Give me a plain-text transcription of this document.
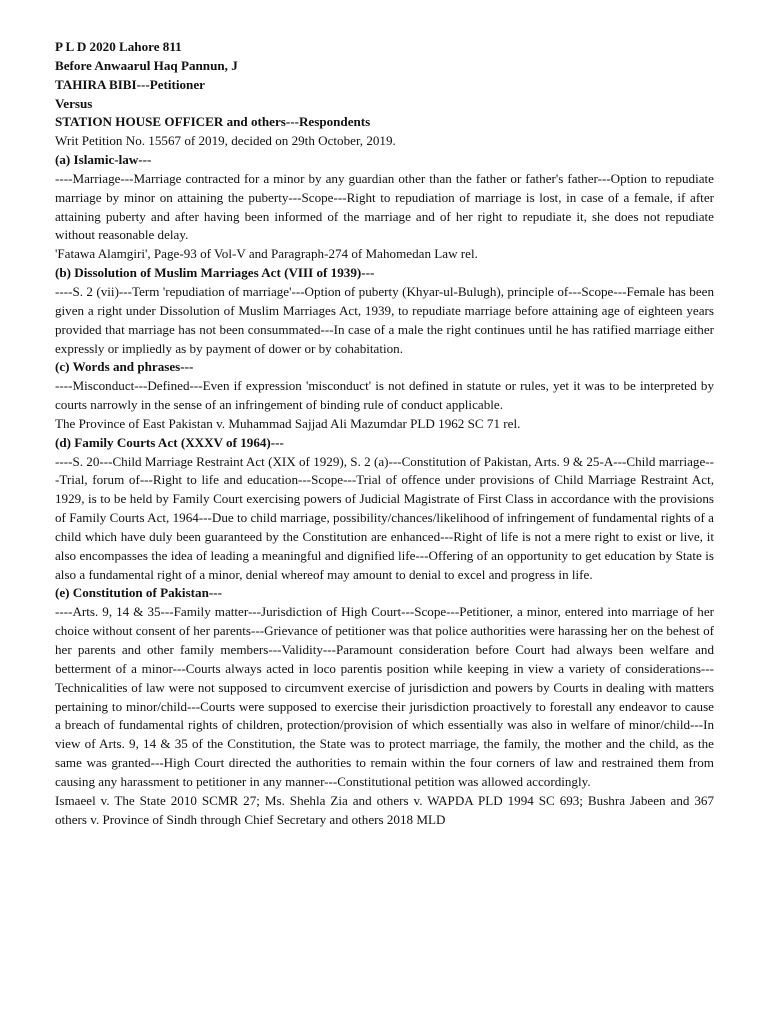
P L D 2020 Lahore 811
Before Anwaarul Haq Pannun, J
TAHIRA BIBI---Petitioner
Versus
STATION HOUSE OFFICER and others---Respondents
Writ Petition No. 15567 of 2019, decided on 29th October, 2019.
(a) Islamic-law---

----Marriage---Marriage contracted for a minor by any guardian other than the father or father's father---Option to repudiate marriage by minor on attaining the puberty---Scope---Right to repudiation of marriage is lost, in case of a female, if after attaining puberty and after having been informed of the marriage and of her right to repudiate it, she does not repudiate without reasonable delay.

'Fatawa Alamgiri', Page-93 of Vol-V and Paragraph-274 of Mahomedan Law rel.
(b) Dissolution of Muslim Marriages Act (VIII of 1939)---

----S. 2 (vii)---Term 'repudiation of marriage'---Option of puberty (Khyar-ul-Bulugh), principle of---Scope---Female has been given a right under Dissolution of Muslim Marriages Act, 1939, to repudiate marriage before attaining age of eighteen years provided that marriage has not been consummated---In case of a male the right continues until he has ratified marriage either expressly or impliedly as by payment of dower or by cohabitation.

(c) Words and phrases---

----Misconduct---Defined---Even if expression 'misconduct' is not defined in statute or rules, yet it was to be interpreted by courts narrowly in the sense of an infringement of binding rule of conduct applicable.

The Province of East Pakistan v. Muhammad Sajjad Ali Mazumdar PLD 1962 SC 71 rel.
(d) Family Courts Act (XXXV of 1964)---

----S. 20---Child Marriage Restraint Act (XIX of 1929), S. 2 (a)---Constitution of Pakistan, Arts. 9 & 25-A---Child marriage---Trial, forum of---Right to life and education---Scope---Trial of offence under provisions of Child Marriage Restraint Act, 1929, is to be held by Family Court exercising powers of Judicial Magistrate of First Class in accordance with the provisions of Family Courts Act, 1964---Due to child marriage, possibility/chances/likelihood of infringement of fundamental rights of a child which have duly been guaranteed by the Constitution are enhanced---Right of life is not a mere right to exist or live, it also encompasses the idea of leading a meaningful and dignified life---Offering of an opportunity to get education by State is also a fundamental right of a minor, denial whereof may amount to denial to excel and progress in life.

(e) Constitution of Pakistan---

----Arts. 9, 14 & 35---Family matter---Jurisdiction of High Court---Scope---Petitioner, a minor, entered into marriage of her choice without consent of her parents---Grievance of petitioner was that police authorities were harassing her on the behest of her parents and other family members---Validity---Paramount consideration before Court had always been welfare and betterment of a minor---Courts always acted in loco parentis position while keeping in view a variety of considerations---Technicalities of law were not supposed to circumvent exercise of jurisdiction and powers by Courts in dealing with matters pertaining to minor/child---Courts were supposed to exercise their jurisdiction proactively to forestall any endeavor to cause a breach of fundamental rights of children, protection/provision of which essentially was also in welfare of minor/child---In view of Arts. 9, 14 & 35 of the Constitution, the State was to protect marriage, the family, the mother and the child, as the same was granted---High Court directed the authorities to remain within the four corners of law and restrained them from causing any harassment to petitioner in any manner---Constitutional petition was allowed accordingly.

Ismaeel v. The State 2010 SCMR 27; Ms. Shehla Zia and others v. WAPDA PLD 1994 SC 693; Bushra Jabeen and 367 others v. Province of Sindh through Chief Secretary and others 2018 MLD
